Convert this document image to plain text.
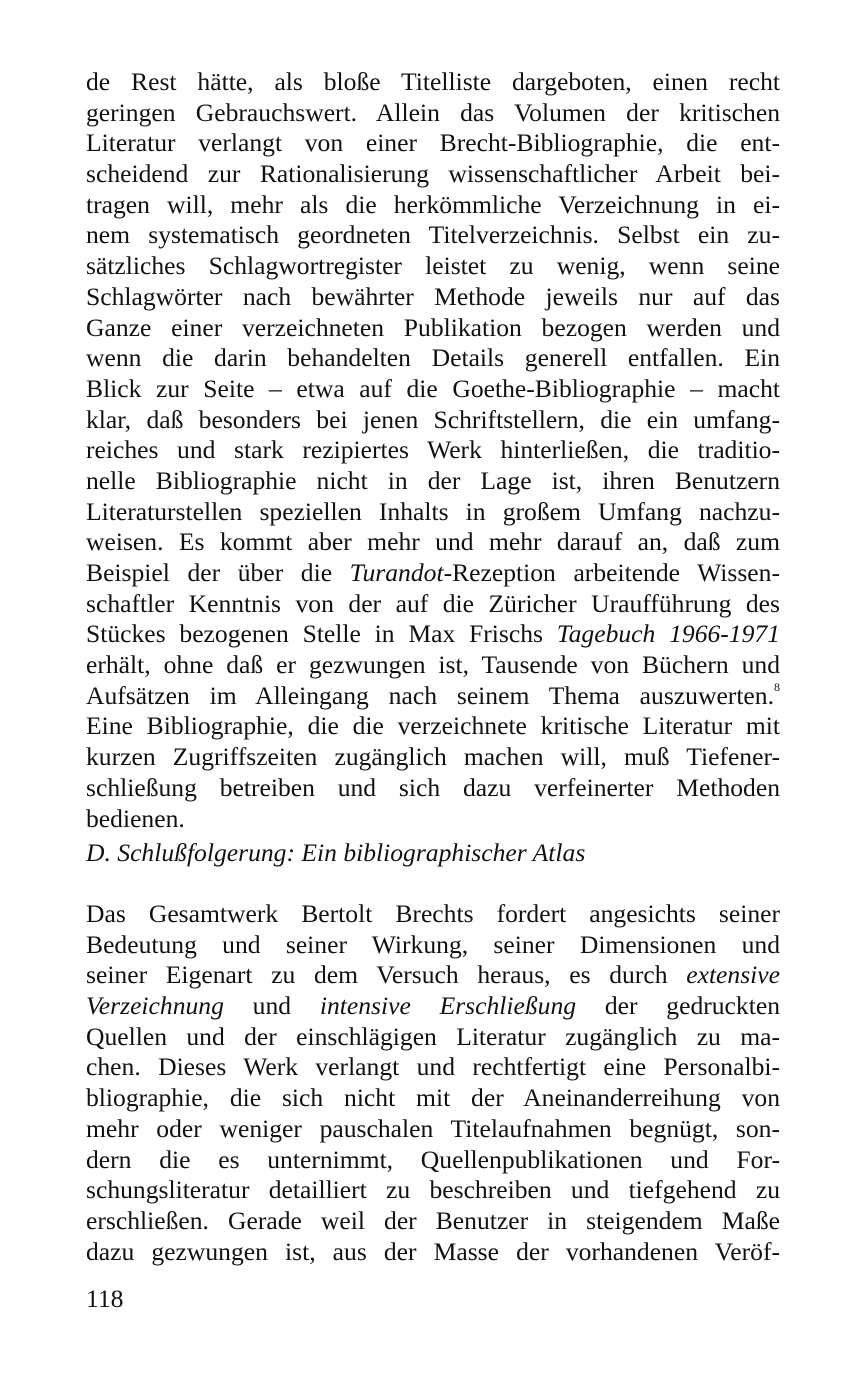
de Rest hätte, als bloße Titelliste dargeboten, einen recht
geringen Gebrauchswert. Allein das Volumen der kritischen
Literatur verlangt von einer Brecht-Bibliographie, die ent-
scheidend zur Rationalisierung wissenschaftlicher Arbeit bei-
tragen will, mehr als die herkömmliche Verzeichnung in ei-
nem systematisch geordneten Titelverzeichnis. Selbst ein zu-
sätzliches Schlagwortregister leistet zu wenig, wenn seine
Schlagwörter nach bewährter Methode jeweils nur auf das
Ganze einer verzeichneten Publikation bezogen werden und
wenn die darin behandelten Details generell entfallen. Ein
Blick zur Seite – etwa auf die Goethe-Bibliographie – macht
klar, daß besonders bei jenen Schriftstellern, die ein umfang-
reiches und stark rezipiertes Werk hinterließen, die traditio-
nelle Bibliographie nicht in der Lage ist, ihren Benutzern
Literaturstellen speziellen Inhalts in großem Umfang nachzu-
weisen. Es kommt aber mehr und mehr darauf an, daß zum
Beispiel der über die Turandot-Rezeption arbeitende Wissen-
schaftler Kenntnis von der auf die Züricher Uraufführung des
Stückes bezogenen Stelle in Max Frischs Tagebuch 1966-1971
erhält, ohne daß er gezwungen ist, Tausende von Büchern und
Aufsätzen im Alleingang nach seinem Thema auszuwerten.$^8$
Eine Bibliographie, die die verzeichnete kritische Literatur mit
kurzen Zugriffszeiten zugänglich machen will, muß Tiefener-
schließung betreiben und sich dazu verfeinerter Methoden
bedienen.
D. Schlußfolgerung: Ein bibliographischer Atlas
Das Gesamtwerk Bertolt Brechts fordert angesichts seiner
Bedeutung und seiner Wirkung, seiner Dimensionen und
seiner Eigenart zu dem Versuch heraus, es durch extensive
Verzeichnung und intensive Erschließung der gedruckten
Quellen und der einschlägigen Literatur zugänglich zu ma-
chen. Dieses Werk verlangt und rechtfertigt eine Personalbi-
bliographie, die sich nicht mit der Aneinanderreihung von
mehr oder weniger pauschalen Titelaufnahmen begnügt, son-
dern die es unternimmt, Quellenpublikationen und For-
schungsliteratur detailliert zu beschreiben und tiefgehend zu
erschließen. Gerade weil der Benutzer in steigendem Maße
dazu gezwungen ist, aus der Masse der vorhandenen Veröf-
118
